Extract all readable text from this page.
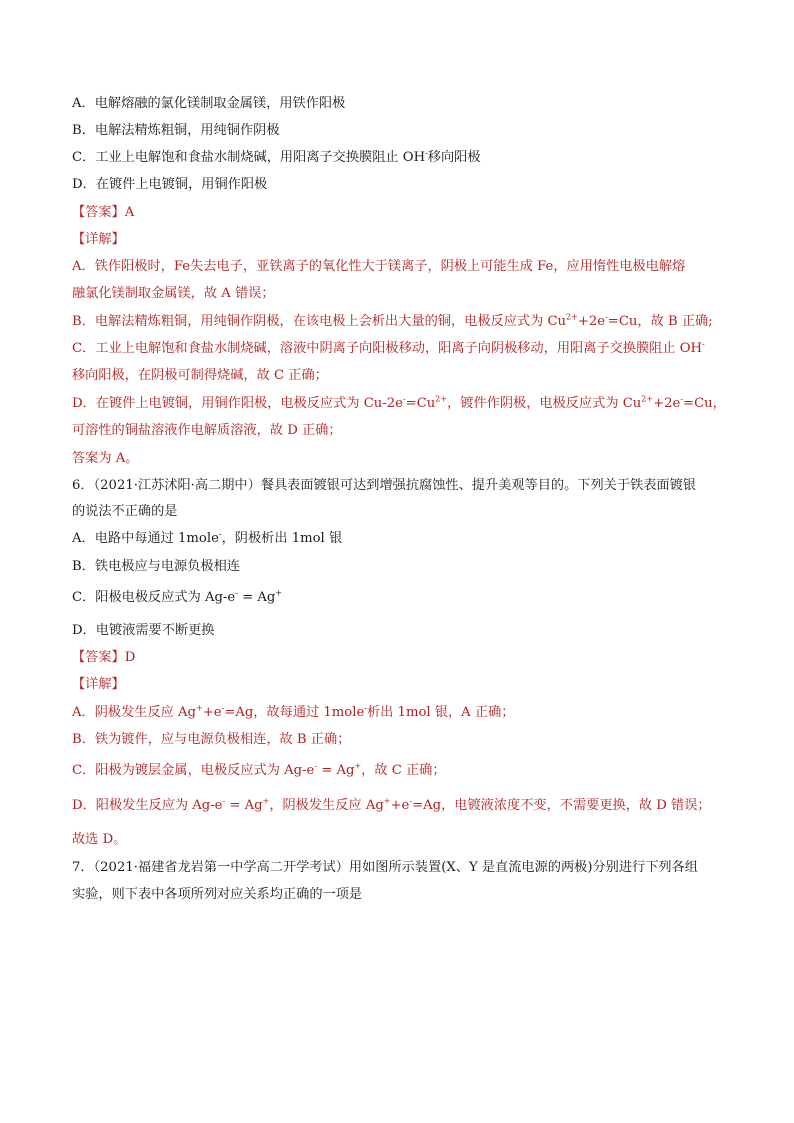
A．电解熔融的氯化镁制取金属镁，用铁作阳极
B．电解法精炼粗铜，用纯铜作阴极
C．工业上电解饱和食盐水制烧碱，用阳离子交换膜阻止 OH-移向阳极
D．在镀件上电镀铜，用铜作阳极
【答案】A
【详解】
A．铁作阳极时，Fe失去电子，亚铁离子的氧化性大于镁离子，阴极上可能生成 Fe，应用惰性电极电解熔
融氯化镁制取金属镁，故 A 错误；
B．电解法精炼粗铜，用纯铜作阴极，在该电极上会析出大量的铜，电极反应式为 $Cu^{2+}+2e^-=Cu$，故 B 正确;
C．工业上电解饱和食盐水制烧碱，溶液中阴离子向阳极移动，阳离子向阴极移动，用阳离子交换膜阻止 OH-
移向阳极，在阴极可制得烧碱，故 C 正确；
D．在镀件上电镀铜，用铜作阳极，电极反应式为 $Cu-2e^-=Cu^{2+}$，镀件作阴极，电极反应式为 $Cu^{2+}+2e^-=Cu$，
可溶性的铜盐溶液作电解质溶液，故 D 正确；
答案为 A。
6．（2021·江苏沭阳·高二期中）餐具表面镀银可达到增强抗腐蚀性、提升美观等目的。下列关于铁表面镀银
的说法不正确的是
A．电路中每通过 1mole-，阴极析出 1mol 银
B．铁电极应与电源负极相连
C．阳极电极反应式为 Ag-e- = Ag+
D．电镀液需要不断更换
【答案】D
【详解】
A．阴极发生反应 Ag++e-=Ag，故每通过 1mole-析出 1mol 银，A 正确；
B．铁为镀件，应与电源负极相连，故 B 正确；
C．阳极为镀层金属，电极反应式为 Ag-e- = Ag+，故 C 正确；
D．阳极发生反应为 Ag-e- = Ag+，阴极发生反应 Ag++e-=Ag，电镀液浓度不变，不需要更换，故 D 错误；
故选 D。
7．（2021·福建省龙岩第一中学高二开学考试）用如图所示装置(X、Y 是直流电源的两极)分别进行下列各组
实验，则下表中各项所列对应关系均正确的一项是
